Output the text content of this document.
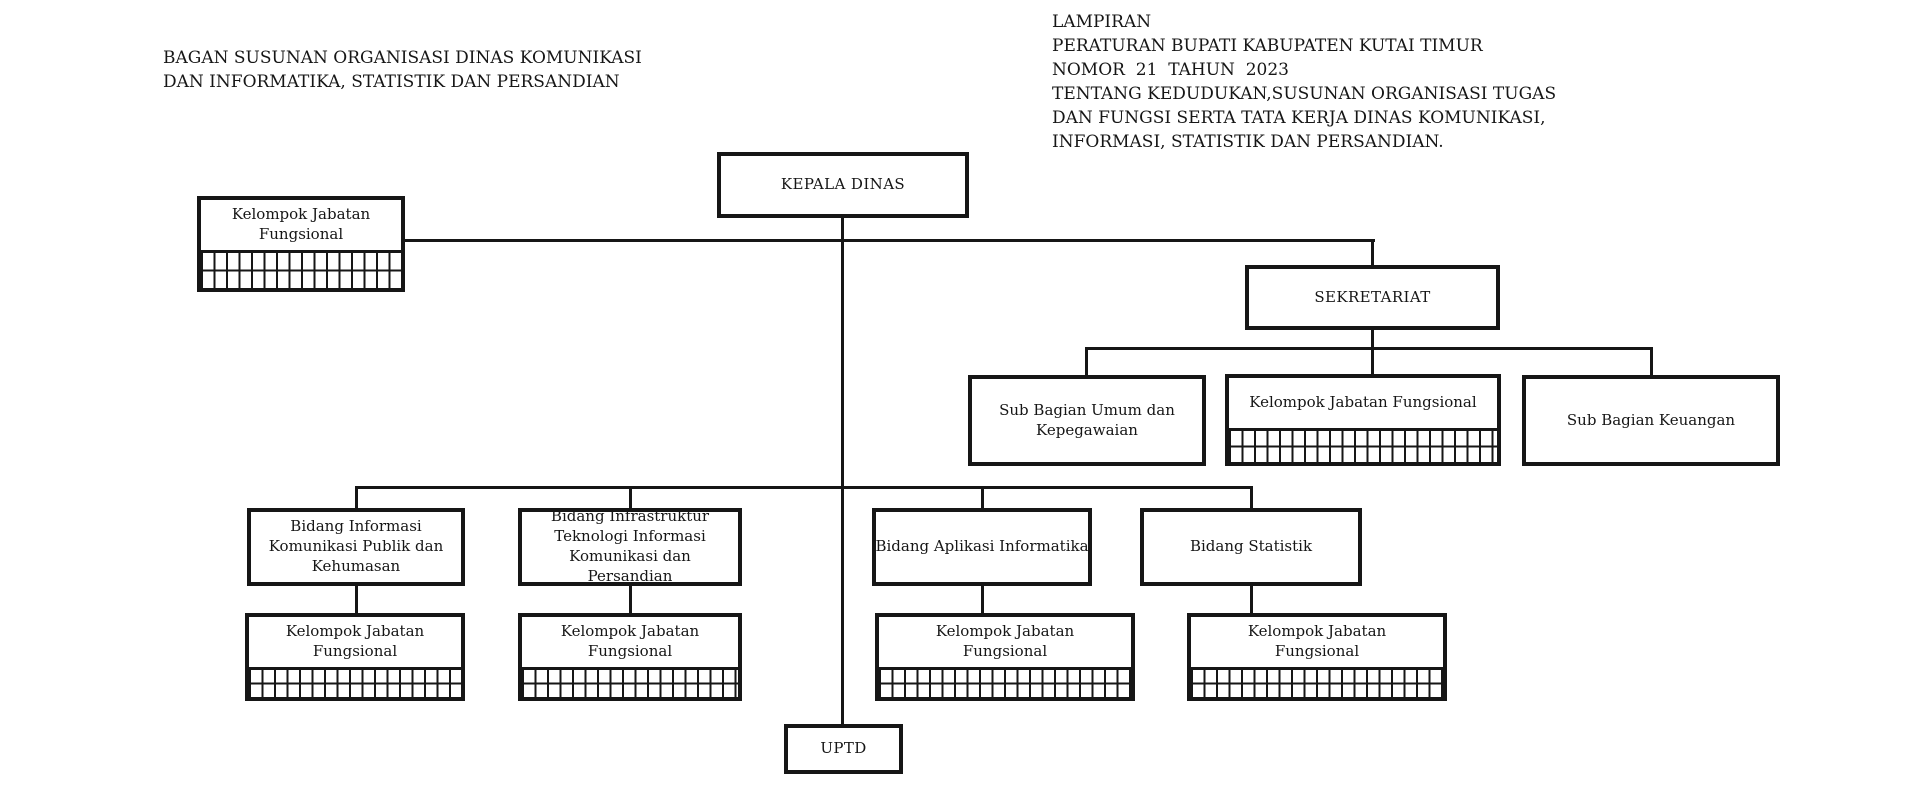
BAGAN SUSUNAN ORGANISASI DINAS KOMUNIKASI
DAN INFORMATIKA, STATISTIK DAN PERSANDIAN
LAMPIRAN
PERATURAN BUPATI KABUPATEN KUTAI TIMUR
NOMOR  21  TAHUN  2023
TENTANG KEDUDUKAN,SUSUNAN ORGANISASI TUGAS
DAN FUNGSI SERTA TATA KERJA DINAS KOMUNIKASI,
INFORMASI, STATISTIK DAN PERSANDIAN.
KEPALA DINAS
Kelompok Jabatan Fungsional
SEKRETARIAT
Sub Bagian Umum dan Kepegawaian
Kelompok Jabatan Fungsional
Sub Bagian Keuangan
Bidang Informasi Komunikasi Publik dan Kehumasan
Bidang Infrastruktur Teknologi Informasi Komunikasi dan Persandian
Bidang Aplikasi Informatika	Bidang Statistik
Kelompok Jabatan Fungsional
Kelompok Jabatan Fungsional
Kelompok Jabatan Fungsional
Kelompok Jabatan Fungsional
UPTD
